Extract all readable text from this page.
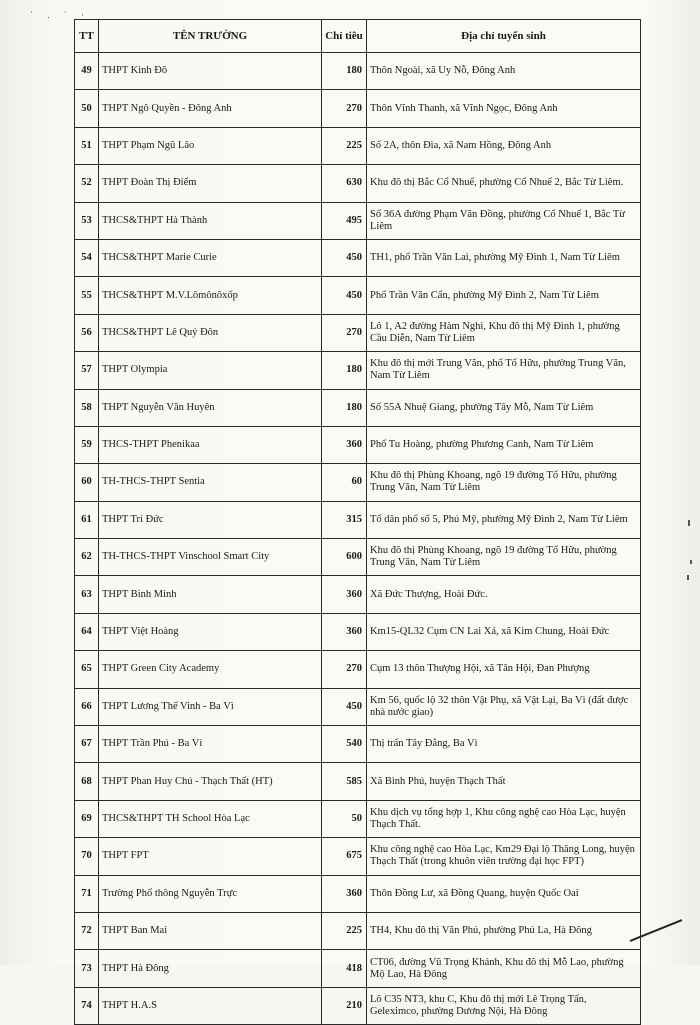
˙ . ˙ ·
TT	TÊN TRƯỜNG	Chỉ tiêu	Địa chỉ tuyển sinh
49	THPT Kinh Đô	180	Thôn Ngoài, xã Uy Nỗ, Đông Anh
50	THPT Ngô Quyền - Đông Anh	270	Thôn Vĩnh Thanh, xã Vĩnh Ngọc, Đông Anh
51	THPT Phạm Ngũ Lão	225	Số 2A, thôn Đìa, xã Nam Hồng, Đông Anh
52	THPT Đoàn Thị Điểm	630	Khu đô thị Bắc Cổ Nhuế, phường Cổ Nhuế 2, Bắc Từ Liêm.
53	THCS&THPT Hà Thành	495	Số 36A đường Phạm Văn Đồng, phường Cổ Nhuế 1, Bắc Từ Liêm
54	THCS&THPT Marie Curie	450	TH1, phố Trần Văn Lai, phường Mỹ Đình 1, Nam Từ Liêm
55	THCS&THPT M.V.Lômônôxốp	450	Phố Trần Văn Cẩn, phường Mỹ Đình 2, Nam Từ Liêm
56	THCS&THPT Lê Quý Đôn	270	Lô 1, A2 đường Hàm Nghi, Khu đô thị Mỹ Đình 1, phường Cầu Diễn, Nam Từ Liêm
57	THPT Olympia	180	Khu đô thị mới Trung Văn, phố Tố Hữu, phường Trung Văn, Nam Từ Liêm
58	THPT Nguyễn Văn Huyên	180	Số 55A Nhuệ Giang, phường Tây Mỗ, Nam Từ Liêm
59	THCS-THPT Phenikaa	360	Phố Tu Hoàng, phường Phương Canh, Nam Từ Liêm
60	TH-THCS-THPT Sentia	60	Khu đô thị Phùng Khoang, ngõ 19 đường Tố Hữu, phường Trung Văn, Nam Từ Liêm
61	THPT Trí Đức	315	Tổ dân phố số 5, Phú Mỹ, phường Mỹ Đình 2, Nam Từ Liêm
62	TH-THCS-THPT Vinschool Smart City	600	Khu đô thị Phùng Khoang, ngõ 19 đường Tố Hữu, phường Trung Văn, Nam Từ Liêm
63	THPT Bình Minh	360	Xã Đức Thượng, Hoài Đức.
64	THPT Việt Hoàng	360	Km15-QL32 Cụm CN Lai Xá, xã Kim Chung, Hoài Đức
65	THPT Green City Academy	270	Cụm 13 thôn Thượng Hội, xã Tân Hội, Đan Phượng
66	THPT Lương Thế Vinh - Ba Vì	450	Km 56, quốc lộ 32 thôn Vật Phụ, xã Vật Lại, Ba Vì (đất được nhà nước giao)
67	THPT Trần Phú - Ba Vì	540	Thị trấn Tây Đằng, Ba Vì
68	THPT Phan Huy Chú - Thạch Thất (HT)	585	Xã Bình Phú, huyện Thạch Thất
69	THCS&THPT TH School Hòa Lạc	50	Khu dịch vụ tổng hợp 1, Khu công nghệ cao Hòa Lạc, huyện Thạch Thất.
70	THPT FPT	675	Khu công nghệ cao Hòa Lạc, Km29 Đại lộ Thăng Long, huyện Thạch Thất (trong khuôn viên trường đại học FPT)
71	Trường Phổ thông Nguyễn Trực	360	Thôn Đồng Lư, xã Đồng Quang, huyện Quốc Oai
72	THPT Ban Mai	225	TH4, Khu đô thị Văn Phú, phường Phú La, Hà Đông
73	THPT Hà Đông	418	CT06, đường Vũ Trọng Khánh, Khu đô thị Mỗ Lao, phường Mộ Lao, Hà Đông
74	THPT H.A.S	210	Lô C35 NT3, khu C, Khu đô thị mới Lê Trọng Tấn, Geleximco, phường Dương Nội, Hà Đông
